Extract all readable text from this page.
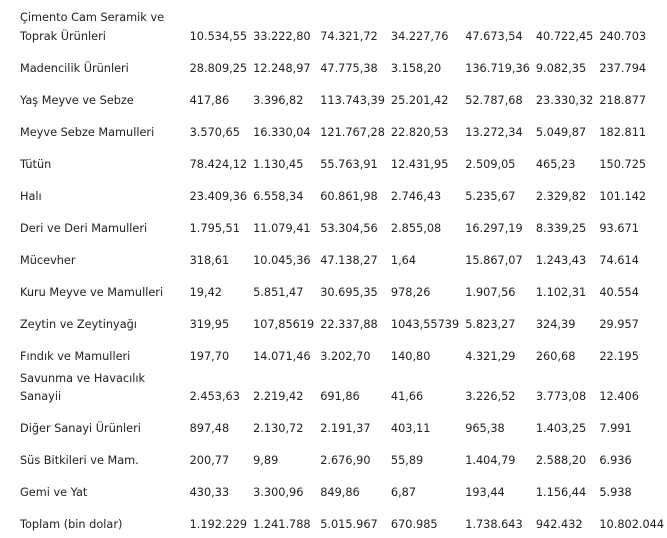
Çimento Cam Seramik ve Toprak Ürünleri	10.534,55	33.222,80	74.321,72	34.227,76	47.673,54	40.722,45	240.703
Madencilik Ürünleri	28.809,25	12.248,97	47.775,38	3.158,20	136.719,36	9.082,35	237.794
Yaş Meyve ve Sebze	417,86	3.396,82	113.743,39	25.201,42	52.787,68	23.330,32	218.877
Meyve Sebze Mamulleri	3.570,65	16.330,04	121.767,28	22.820,53	13.272,34	5.049,87	182.811
Tütün	78.424,12	1.130,45	55.763,91	12.431,95	2.509,05	465,23	150.725
Halı	23.409,36	6.558,34	60.861,98	2.746,43	5.235,67	2.329,82	101.142
Deri ve Deri Mamulleri	1.795,51	11.079,41	53.304,56	2.855,08	16.297,19	8.339,25	93.671
Mücevher	318,61	10.045,36	47.138,27	1,64	15.867,07	1.243,43	74.614
Kuru Meyve ve Mamulleri	19,42	5.851,47	30.695,35	978,26	1.907,56	1.102,31	40.554
Zeytin ve Zeytinyağı	319,95	107,85619	22.337,88	1043,55739	5.823,27	324,39	29.957
Fındık ve Mamulleri	197,70	14.071,46	3.202,70	140,80	4.321,29	260,68	22.195
Savunma ve Havacılık Sanayii	2.453,63	2.219,42	691,86	41,66	3.226,52	3.773,08	12.406
Diğer Sanayi Ürünleri	897,48	2.130,72	2.191,37	403,11	965,38	1.403,25	7.991
Süs Bitkileri ve Mam.	200,77	9,89	2.676,90	55,89	1.404,79	2.588,20	6.936
Gemi ve Yat	430,33	3.300,96	849,86	6,87	193,44	1.156,44	5.938
Toplam (bin dolar)	1.192.229	1.241.788	5.015.967	670.985	1.738.643	942.432	10.802.044
